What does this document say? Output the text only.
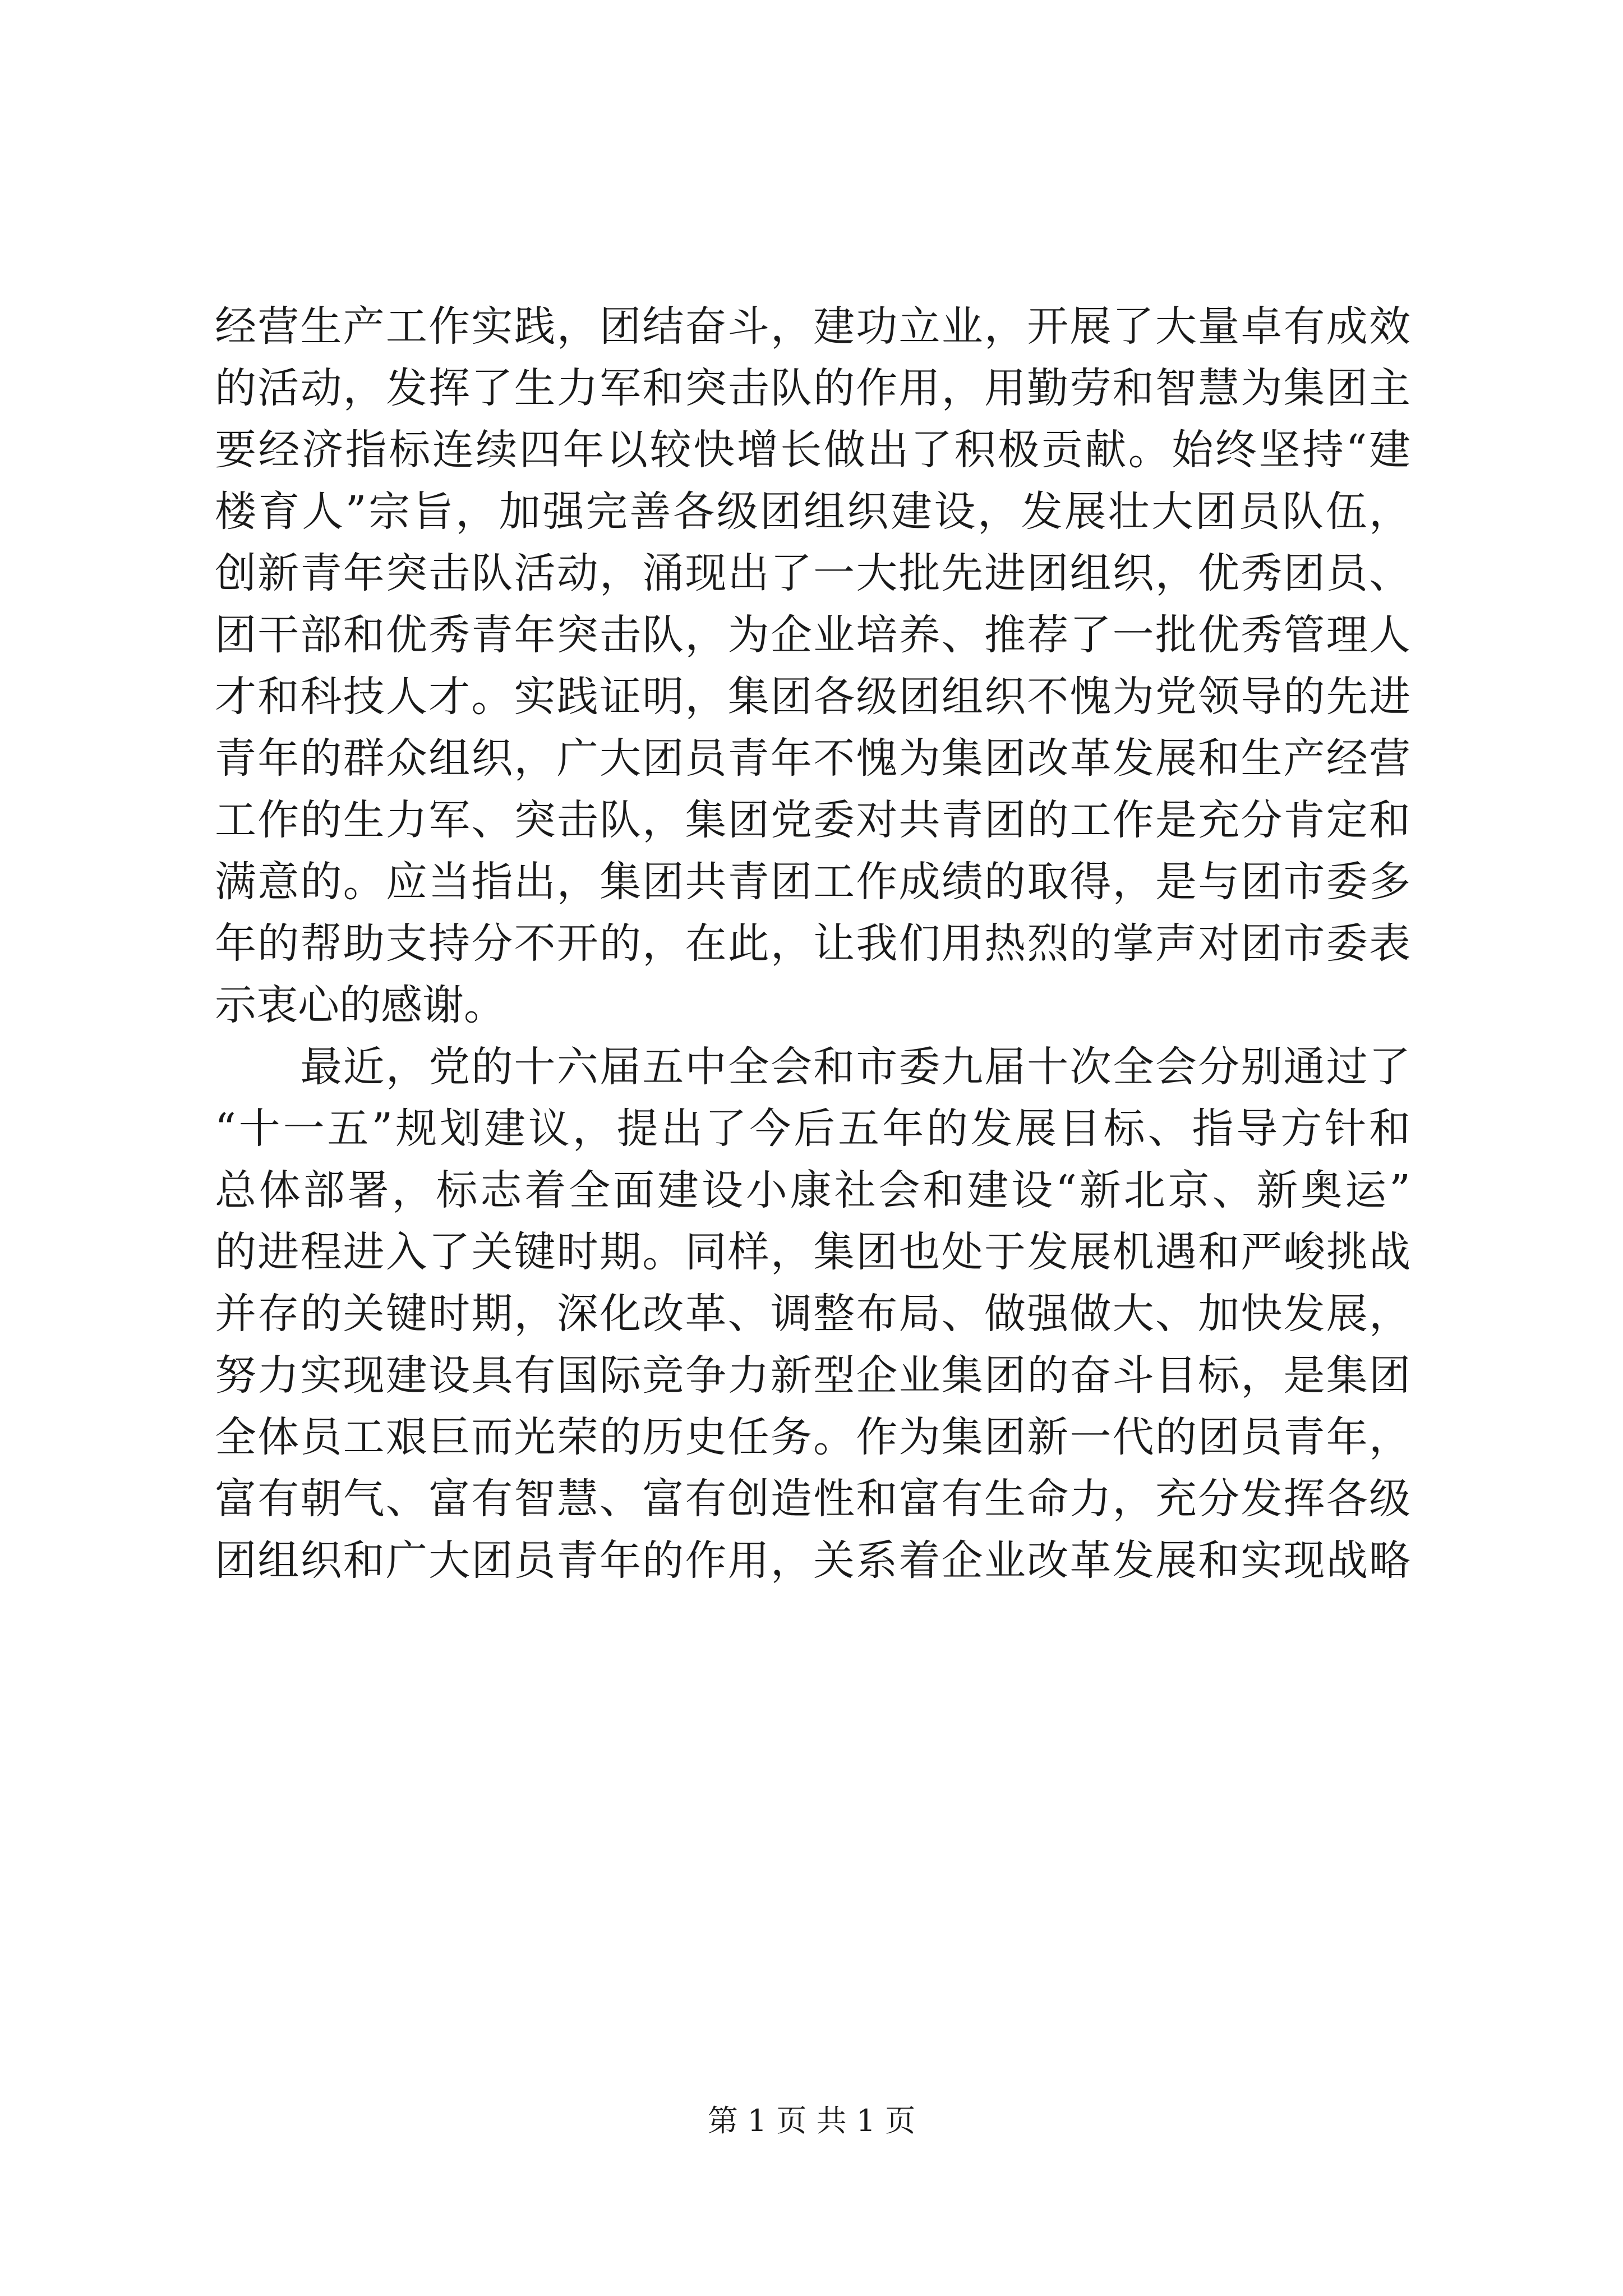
经营生产工作实践，团结奋斗，建功立业，开展了大量卓有成效
的活动，发挥了生力军和突击队的作用，用勤劳和智慧为集团主
要经济指标连续四年以较快增长做出了积极贡献。始终坚持“建
楼育人”宗旨，加强完善各级团组织建设，发展壮大团员队伍，
创新青年突击队活动，涌现出了一大批先进团组织，优秀团员、
团干部和优秀青年突击队，为企业培养、推荐了一批优秀管理人
才和科技人才。实践证明，集团各级团组织不愧为党领导的先进
青年的群众组织，广大团员青年不愧为集团改革发展和生产经营
工作的生力军、突击队，集团党委对共青团的工作是充分肯定和
满意的。应当指出，集团共青团工作成绩的取得，是与团市委多
年的帮助支持分不开的，在此，让我们用热烈的掌声对团市委表
示衷心的感谢。
　　最近，党的十六届五中全会和市委九届十次全会分别通过了
“十一五”规划建议，提出了今后五年的发展目标、指导方针和
总体部署，标志着全面建设小康社会和建设“新北京、新奥运”
的进程进入了关键时期。同样，集团也处于发展机遇和严峻挑战
并存的关键时期，深化改革、调整布局、做强做大、加快发展，
努力实现建设具有国际竞争力新型企业集团的奋斗目标，是集团
全体员工艰巨而光荣的历史任务。作为集团新一代的团员青年，
富有朝气、富有智慧、富有创造性和富有生命力，充分发挥各级
团组织和广大团员青年的作用，关系着企业改革发展和实现战略
第 1 页 共 1 页
